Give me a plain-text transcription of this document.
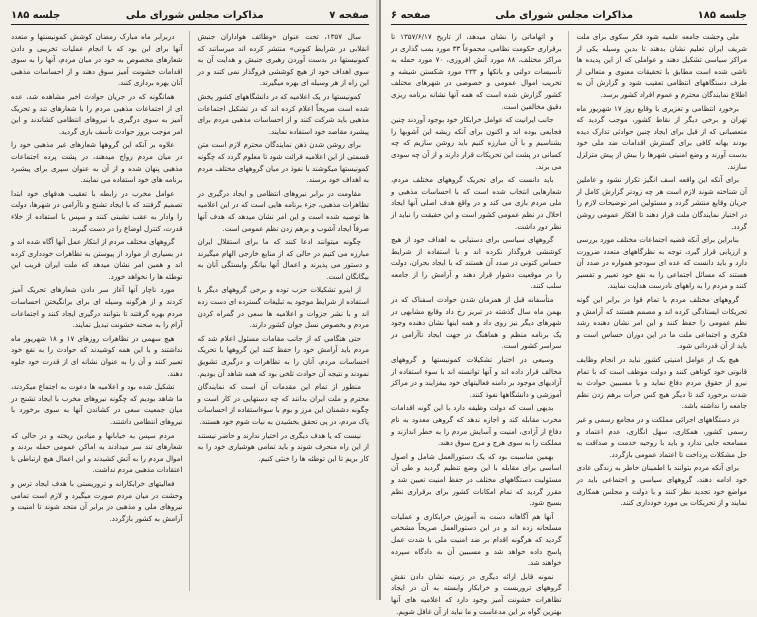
صفحه ۶	مذاکرات مجلس شورای ملی	جلسه ۱۸۵

ملی وحشت جامعه علمیه شود فکر سکوی برای ملت شریف ایران تعلیم نشان بدهند تا بدین وسیله یکی از مراکز سیاسی تشکیل دهند و عواملی که از این پدیده ها ناشی شده است مطابق با تحقیقات معنوی و متعالی از طرف دستگاههای انتظامی تعقیب شود و گزارش آن به اطلاع نمایندگان محترم و عموم افراد کشور برسد.

برخورد انتظامی و تعزیری با وقایع روز ۱۷ شهریور ماه تهران و برخی دیگر از نقاط کشور، موجب گردید که متعصبانی که از قبل برای ایجاد چنین حوادثی تدارک دیده بودند بهانه کافی برای گسترش اقدامات ضد ملی خود بدست آورند و وضع امنیتی شهرها را بیش از پیش متزلزل سازند.

برای آنکه این واقعه اسف انگیز تکرار نشود و عاملین آن شناخته شوند لازم است هر چه زودتر گزارش کامل از جریان وقایع منتشر گردد و مسئولین امر توضیحات لازم را در اختیار نمایندگان ملت قرار دهند تا افکار عمومی روشن گردد.

بنابراین برای آنکه قضیه اجتماعات مختلف مورد بررسی و ارزیابی قرار گیرد، توجه به نظرگاههای متعدد ضرورت دارد و باید دانست که عده ای سودجو همواره در صدد آن هستند که مسائل اجتماعی را به نفع خود تعبیر و تفسیر کنند و مردم را به راههای نادرست هدایت نمایند.

گروههای مختلف مردم با تمام قوا در برابر این گونه تحریکات ایستادگی کرده اند و مصمم هستند که آرامش و نظم عمومی را حفظ کنند و این امر نشان دهنده رشد فکری و اجتماعی ملت ما در این دوران حساس است و باید از آن قدردانی شود.

هیچ یک از عوامل امنیتی کشور نباید در انجام وظایف قانونی خود کوتاهی کنند و دولت موظف است که با تمام نیرو از حقوق مردم دفاع نماید و با مسببین حوادث به شدت برخورد کند تا دیگر هیچ کس جرأت برهم زدن نظم جامعه را نداشته باشد.

در دستگاههای اجرائی مملکت و در مجامع رسمی و غیر رسمی کشور، همکاری، سهل انگاری، عدم اعتماد و مسامحه جایی ندارد و باید با روحیه خدمت و صداقت به حل مشکلات پرداخت تا اعتماد عمومی بازگردد.

برای آنکه مردم بتوانند با اطمینان خاطر به زندگی عادی خود ادامه دهند، گروههای سیاسی و اجتماعی باید در مواضع خود تجدید نظر کنند و با دولت و مجلس همکاری نمایند و از تحریکات بی مورد خودداری کنند.

و اتهاماتی را نشان میدهد، از تاریخ ۱۳۵۷/۶/۱۷ تا برقراری حکومت نظامی، مجموعاً ۳۳ مورد بمب گذاری در مراکز مختلف، ۸۸ مورد آتش افروزی، ۷۰ مورد حمله به تأسیسات دولتی و بانکها و ۲۳۳ مورد شکستن شیشه و تخریب اموال عمومی و خصوصی در شهرهای مختلف کشور گزارش شده است که همه آنها نشانه برنامه ریزی دقیق مخالفین است.

جانب ایرانیت که عوامل خرابکار خود بوجود آوردند چنین فجایعی بوده اند و اکنون برای آنکه ریشه این آشوبها را بشناسیم و با آن مبارزه کنیم باید روشن سازیم که چه کسانی در پشت این تحریکات قرار دارند و از آن چه سودی می برند.

باید دانست که برای تحریک گروههای مختلف مردم، شعارهایی انتخاب شده است که با احساسات مذهبی و ملی مردم بازی می کند و در واقع هدف اصلی آنها ایجاد اخلال در نظم عمومی کشور است و این حقیقت را نباید از نظر دور داشت.

گروههای سیاسی برای دستیابی به اهداف خود از هیچ کوششی فروگذار نکرده اند و با استفاده از شرایط حساس کنونی در صدد آن هستند که با ایجاد بحران، دولت را در موقعیت دشوار قرار دهند و آرامش را از جامعه سلب کنند.

متأسفانه قبل از همزمان شدن حوادث اسفناک که در بهمن ماه سال گذشته در تبریز رخ داد وقایع مشابهی در شهرهای دیگر نیز روی داد و همه اینها نشان دهنده وجود یک برنامه منظم و هماهنگ در جهت ایجاد ناآرامی در سراسر کشور است.

وسیعی در اختیار تشکیلات کمونیستها و گروههای مخالف قرار داده اند و آنها توانسته اند با سوء استفاده از آزادیهای موجود بر دامنه فعالیتهای خود بیفزایند و در مراکز آموزشی و دانشگاهها نفوذ کنند.

بدیهی است که دولت وظیفه دارد با این گونه اقدامات مخرب مقابله کند و اجازه ندهد که گروهی معدود به نام دفاع از آزادی، امنیت و آسایش مردم را به خطر اندازند و مملکت را به سوی هرج و مرج سوق دهند.

بهمین مناسبت بود که یک دستورالعمل شامل و اصول اساسی برای مقابله با این وضع تنظیم گردید و طی آن مسئولیت دستگاههای مختلف در حفظ امنیت تعیین شد و مقرر گردید که تمام امکانات کشور برای برقراری نظم بسیج شود.

آنها هم آگاهانه دست به آموزش خرابکاری و عملیات مسلحانه زده اند و در این دستورالعمل صریحاً مشخص گردید که هرگونه اقدام بر ضد امنیت ملی با شدت عمل پاسخ داده خواهد شد و مسببین آن به دادگاه سپرده خواهند شد.

نمونه قابل ارائه دیگری در زمینه نشان دادن نقش گروههای تروریست و خرابکار وابسته به آن در ایجاد تظاهرات خشونت آمیز وجود دارد که اعلامیه های آنها بهترین گواه بر این مدعاست و ما نباید از آن غافل شویم.

جلسه ۱۸۵	مذاکرات مجلس شورای ملی	صفحه ۷

سال ۱۳۵۷، تحت عنوان «وظائف هواداران جنبش انقلابی در شرایط کنونی» منتشر کرده اند میرسانند که کمونیستها در بدست آوردن رهبری جنبش و هدایت آن به سوی اهداف خود از هیچ کوششی فروگذار نمی کنند و در این راه از هر وسیله ای بهره میگیرند.

کمونیستها در یک اعلامیه که در دانشگاههای کشور پخش شده است صریحاً اعلام کرده اند که در تشکیل اجتماعات مذهبی باید شرکت کنند و از احساسات مذهبی مردم برای پیشبرد مقاصد خود استفاده نمایند.

برای روشن شدن ذهن نمایندگان محترم لازم است متن قسمتی از این اعلامیه قرائت شود تا معلوم گردد که چگونه کمونیستها میکوشند با نفوذ در میان گروههای مختلف مردم به اهداف خود برسند.

مقاومت در برابر نیروهای انتظامی و ایجاد درگیری در تظاهرات مذهبی، جزء برنامه هایی است که در این اعلامیه ها توصیه شده است و این امر نشان میدهد که هدف آنها صرفاً ایجاد آشوب و برهم زدن نظم عمومی است.

چگونه میتوانند ادعا کنند که ما برای استقلال ایران مبارزه می کنیم در حالی که از منابع خارجی الهام میگیرند و دستور می پذیرند و اعمال آنها بیانگر وابستگی آنان به بیگانگان است.

از اینرو تشکیلات حزب توده و برخی گروههای دیگر با استفاده از شرایط موجود به تبلیغات گسترده ای دست زده اند و با نشر جزوات و اعلامیه ها سعی در گمراه کردن مردم و بخصوص نسل جوان کشور دارند.

حتی هنگامی که از جانب مقامات مسئول اعلام شد که مردم باید آرامش خود را حفظ کنند این گروهها با تحریک احساسات مردم، آنان را به تظاهرات و درگیری تشویق نمودند و نتیجه آن حوادث تلخی بود که همه شاهد آن بودیم.

منظور از تمام این مقدمات آن است که نمایندگان محترم و ملت ایران بدانند که چه دستهایی در کار است و چگونه دشمنان این مرز و بوم با سوءاستفاده از احساسات پاک مردم، در پی تحقق بخشیدن به نیات شوم خود هستند.

نیست که یا هدف دیگری در اختیار ندارند و حاضر نیستند از این راه منحرف شوند و باید تمامی هوشیاری خود را به کار بریم تا این توطئه ها را خنثی کنیم.

دربرابر ماه مبارک رمضان کوشش کمونیستها و متعدد آنها برای این بود که با انجام عملیات تخریبی و دادن شعارهای مخصوص به خود در میان مردم، آنها را به سوی اقدامات خشونت آمیز سوق دهند و از احساسات مذهبی آنان بهره برداری کنند.

همانگونه که در جریان حوادث اخیر مشاهده شد، عده ای از اجتماعات مذهبی مردم را با شعارهای تند و تحریک آمیز به سوی درگیری با نیروهای انتظامی کشاندند و این امر موجب بروز حوادث تأسف باری گردید.

علاوه بر آنکه این گروهها شعارهای غیر مذهبی خود را در میان مردم رواج میدهند، در پشت پرده اجتماعات مذهبی پنهان شده و از آن به عنوان سپری برای پیشبرد برنامه های خود استفاده می نمایند.

عوامل مخرب در رابطه با تعقیب هدفهای خود ابتدا تصمیم گرفتند که با ایجاد تشنج و ناآرامی در شهرها، دولت را وادار به عقب نشینی کنند و سپس با استفاده از خلاء قدرت، کنترل اوضاع را در دست گیرند.

گروههای مختلف مردم از ابتکار عمل آنها آگاه شده اند و در بسیاری از موارد از پیوستن به تظاهرات خودداری کرده اند و همین امر نشان میدهد که ملت ایران فریب این توطئه ها را نخواهد خورد.

مورد ناچار آنها آغاز سر دادن شعارهای تحریک آمیز کردند و از هرگونه وسیله ای برای برانگیختن احساسات مردم بهره گرفتند تا بتوانند درگیری ایجاد کنند و اجتماعات آرام را به صحنه خشونت تبدیل نمایند.

هیچ سهمی در تظاهرات روزهای ۱۷ و ۱۸ شهریور ماه نداشتند و با این همه کوشیدند که حوادث را به نفع خود تعبیر کنند و آن را به عنوان نشانه ای از قدرت خود جلوه دهند.

تشکیل شده بود و اعلامیه ها دعوت به اجتماع میکردند، ما شاهد بودیم که چگونه نیروهای مخرب با ایجاد تشنج در میان جمعیت سعی در کشاندن آنها به سوی برخورد با نیروهای انتظامی داشتند.

مردم سپس به خیابانها و میادین ریخته و در حالی که شعارهای تند سر میدادند به اماکن عمومی حمله بردند و اموال مردم را به آتش کشیدند و این اعمال هیچ ارتباطی با اعتقادات مذهبی مردم نداشت.

فعالیتهای خرابکارانه و تروریستی با هدف ایجاد ترس و وحشت در میان مردم صورت میگیرد و لازم است تمامی نیروهای ملی و مذهبی در برابر آن متحد شوند تا امنیت و آرامش به کشور بازگردد.
